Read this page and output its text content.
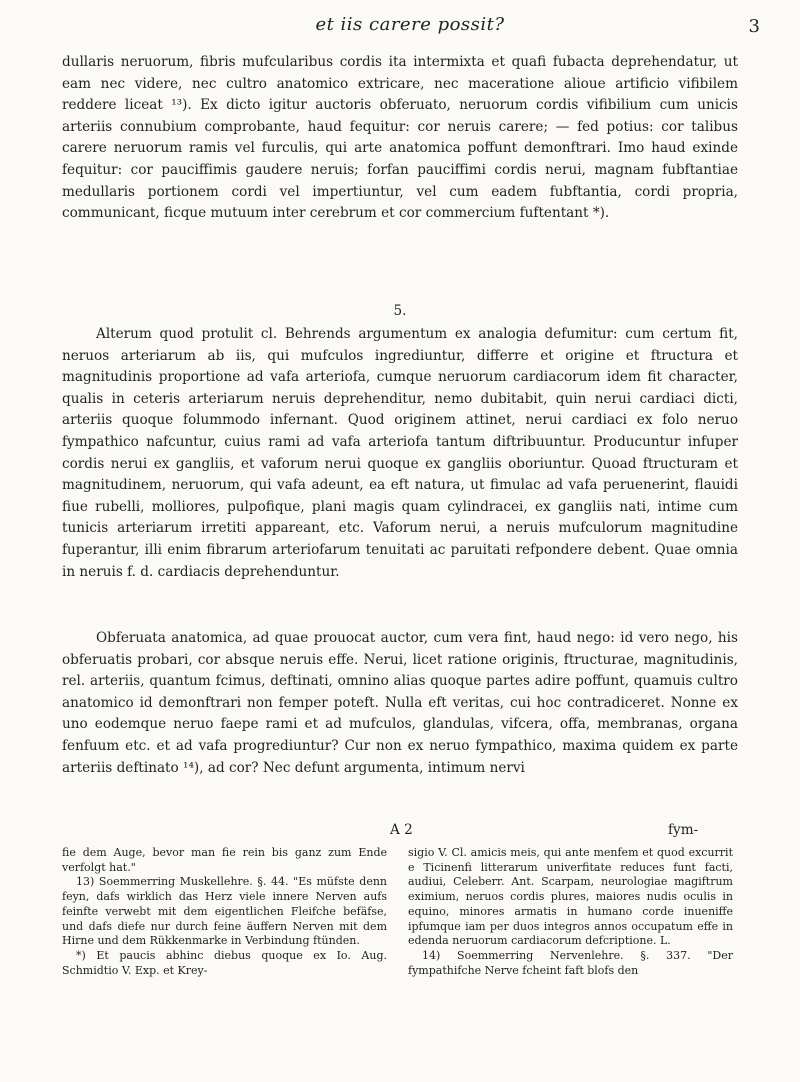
et iis carere possit?	3

dullaris neruorum, fibris mufcularibus cordis ita intermixta et quafi fubacta deprehendatur, ut eam nec videre, nec cultro anatomico extricare, nec maceratione alioue artificio vifibilem reddere liceat ¹³). Ex dicto igitur auctoris obferuato, neruorum cordis vifibilium cum unicis arteriis connubium comprobante, haud fequitur: cor neruis carere; — fed potius: cor talibus carere neruorum ramis vel furculis, qui arte anatomica poffunt demonftrari. Imo haud exinde fequitur: cor pauciffimis gaudere neruis; forfan pauciffimi cordis nerui, magnam fubftantiae medullaris portionem cordi vel impertiuntur, vel cum eadem fubftantia, cordi propria, communicant, ficque mutuum inter cerebrum et cor commercium fuftentant *).

5.

Alterum quod protulit cl. Behrends argumentum ex analogia defumitur: cum certum fit, neruos arteriarum ab iis, qui mufculos ingrediuntur, differre et origine et ftructura et magnitudinis proportione ad vafa arteriofa, cumque neruorum cardiacorum idem fit character, qualis in ceteris arteriarum neruis deprehenditur, nemo dubitabit, quin nerui cardiaci dicti, arteriis quoque folummodo infernant. Quod originem attinet, nerui cardiaci ex folo neruo fympathico nafcuntur, cuius rami ad vafa arteriofa tantum diftribuuntur. Producuntur infuper cordis nerui ex gangliis, et vaforum nerui quoque ex gangliis oboriuntur. Quoad ftructuram et magnitudinem, neruorum, qui vafa adeunt, ea eft natura, ut fimulac ad vafa peruenerint, flauidi fiue rubelli, molliores, pulpofique, plani magis quam cylindracei, ex gangliis nati, intime cum tunicis arteriarum irretiti appareant, etc. Vaforum nerui, a neruis mufculorum magnitudine fuperantur, illi enim fibrarum arteriofarum tenuitati ac paruitati refpondere debent. Quae omnia in neruis f. d. cardiacis deprehenduntur.

Obferuata anatomica, ad quae prouocat auctor, cum vera fint, haud nego: id vero nego, his obferuatis probari, cor absque neruis effe. Nerui, licet ratione originis, ftructurae, magnitudinis, rel. arteriis, quantum fcimus, deftinati, omnino alias quoque partes adire poffunt, quamuis cultro anatomico id demonftrari non femper poteft. Nulla eft veritas, cui hoc contradiceret. Nonne ex uno eodemque neruo faepe rami et ad mufculos, glandulas, vifcera, offa, membranas, organa fenfuum etc. et ad vafa progrediuntur? Cur non ex neruo fympathico, maxima quidem ex parte arteriis deftinato ¹⁴), ad cor? Nec defunt argumenta, intimum nervi

A 2	fym-

fie dem Auge, bevor man fie rein bis ganz zum Ende verfolgt hat."

13) Soemmerring Muskellehre. §. 44. "Es müfste denn feyn, dafs wirklich das Herz viele innere Nerven aufs feinfte verwebt mit dem eigentlichen Fleifche befäfse, und dafs diefe nur durch feine äuffern Nerven mit dem Hirne und dem Rükkenmarke in Verbindung ftünden.

*) Et paucis abhinc diebus quoque ex Io. Aug. Schmidtio V. Exp. et Krey-

sigio V. Cl. amicis meis, qui ante menfem et quod excurrit e Ticinenfi litterarum univerfitate reduces funt facti, audiui, Celeberr. Ant. Scarpam, neurologiae magiftrum eximium, neruos cordis plures, maiores nudis oculis in equino, minores armatis in humano corde inueniffe ipfumque iam per duos integros annos occupatum effe in edenda neruorum cardiacorum defcriptione. L.

14) Soemmerring Nervenlehre. §. 337. "Der fympathifche Nerve fcheint faft blofs den
